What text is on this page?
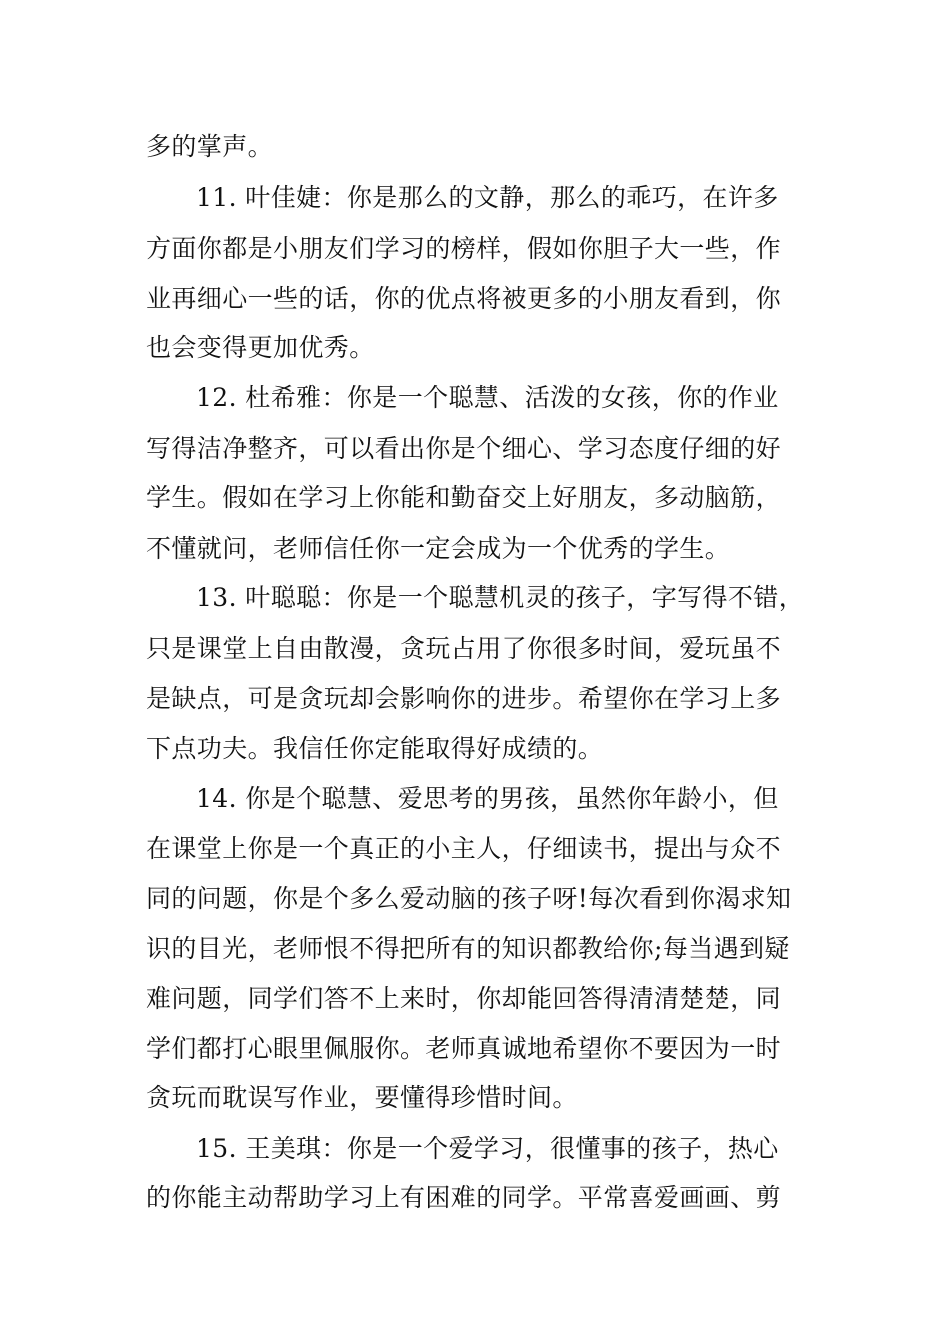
多的掌声。
11. 叶佳婕：你是那么的文静，那么的乖巧，在许多
方面你都是小朋友们学习的榜样，假如你胆子大一些，作
业再细心一些的话，你的优点将被更多的小朋友看到，你
也会变得更加优秀。
12. 杜希雅：你是一个聪慧、活泼的女孩，你的作业
写得洁净整齐，可以看出你是个细心、学习态度仔细的好
学生。假如在学习上你能和勤奋交上好朋友，多动脑筋，
不懂就问，老师信任你一定会成为一个优秀的学生。
13. 叶聪聪：你是一个聪慧机灵的孩子，字写得不错，
只是课堂上自由散漫，贪玩占用了你很多时间，爱玩虽不
是缺点，可是贪玩却会影响你的进步。希望你在学习上多
下点功夫。我信任你定能取得好成绩的。
14. 你是个聪慧、爱思考的男孩，虽然你年龄小，但
在课堂上你是一个真正的小主人，仔细读书，提出与众不
同的问题，你是个多么爱动脑的孩子呀!每次看到你渴求知
识的目光，老师恨不得把所有的知识都教给你;每当遇到疑
难问题，同学们答不上来时，你却能回答得清清楚楚，同
学们都打心眼里佩服你。老师真诚地希望你不要因为一时
贪玩而耽误写作业，要懂得珍惜时间。
15. 王美琪：你是一个爱学习，很懂事的孩子，热心
的你能主动帮助学习上有困难的同学。平常喜爱画画、剪
